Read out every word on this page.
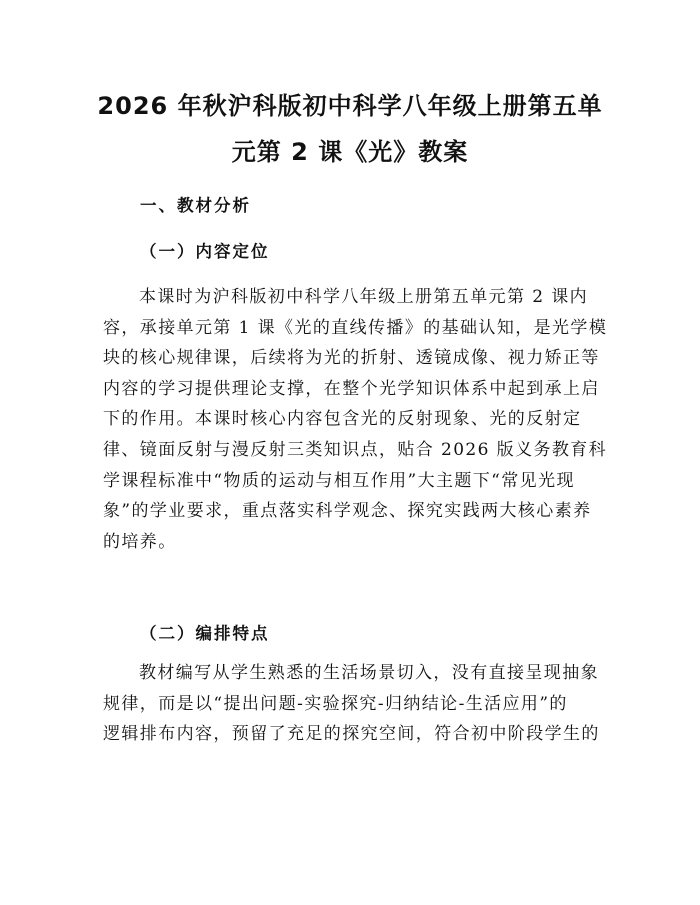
2026 年秋沪科版初中科学八年级上册第五单
元第 2 课《光》教案
一、教材分析
（一）内容定位
本课时为沪科版初中科学八年级上册第五单元第 2 课内
容，承接单元第 1 课《光的直线传播》的基础认知，是光学模
块的核心规律课，后续将为光的折射、透镜成像、视力矫正等
内容的学习提供理论支撑，在整个光学知识体系中起到承上启
下的作用。本课时核心内容包含光的反射现象、光的反射定
律、镜面反射与漫反射三类知识点，贴合 2026 版义务教育科
学课程标准中“物质的运动与相互作用”大主题下“常见光现
象”的学业要求，重点落实科学观念、探究实践两大核心素养
的培养。
（二）编排特点
教材编写从学生熟悉的生活场景切入，没有直接呈现抽象
规律，而是以“提出问题-实验探究-归纳结论-生活应用”的
逻辑排布内容，预留了充足的探究空间，符合初中阶段学生的
